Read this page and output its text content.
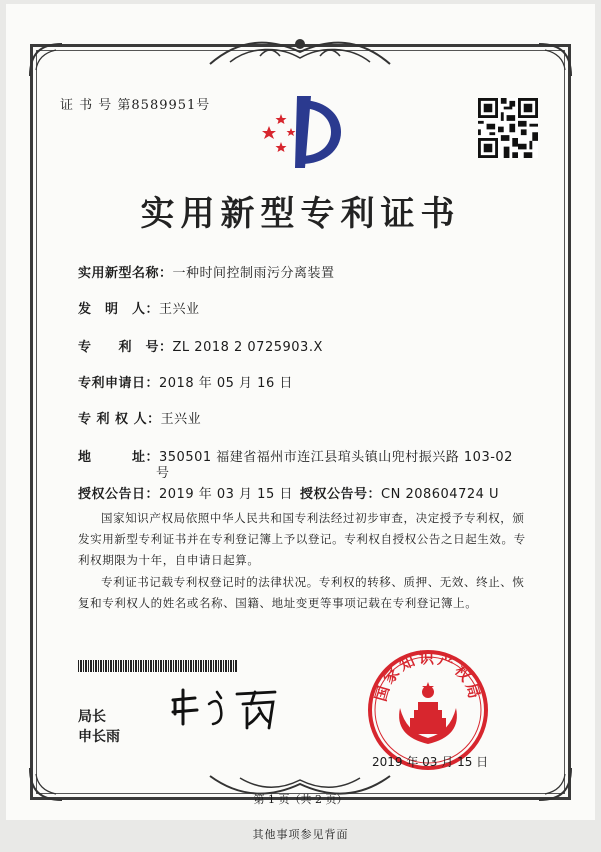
证 书 号 第8589951号
实用新型专利证书
实用新型名称：一种时间控制雨污分离装置
发　明　人：王兴业
专　　利　号：ZL 2018 2 0725903.X
专利申请日：2018 年 05 月 16 日
专 利 权 人：王兴业
地　　　址：350501 福建省福州市连江县琯头镇山兜村振兴路 103-02
号
授权公告日：2019 年 03 月 15 日 授权公告号：CN 208604724 U
国家知识产权局依照中华人民共和国专利法经过初步审查，决定授予专利权，颁发实用新型专利证书并在专利登记簿上予以登记。专利权自授权公告之日起生效。专利权期限为十年，自申请日起算。
专利证书记载专利权登记时的法律状况。专利权的转移、质押、无效、终止、恢复和专利权人的姓名或名称、国籍、地址变更等事项记载在专利登记簿上。
局长
申长雨
国家知识产权局
2019 年 03 月 15 日
第 1 页（共 2 页）
其他事项参见背面
